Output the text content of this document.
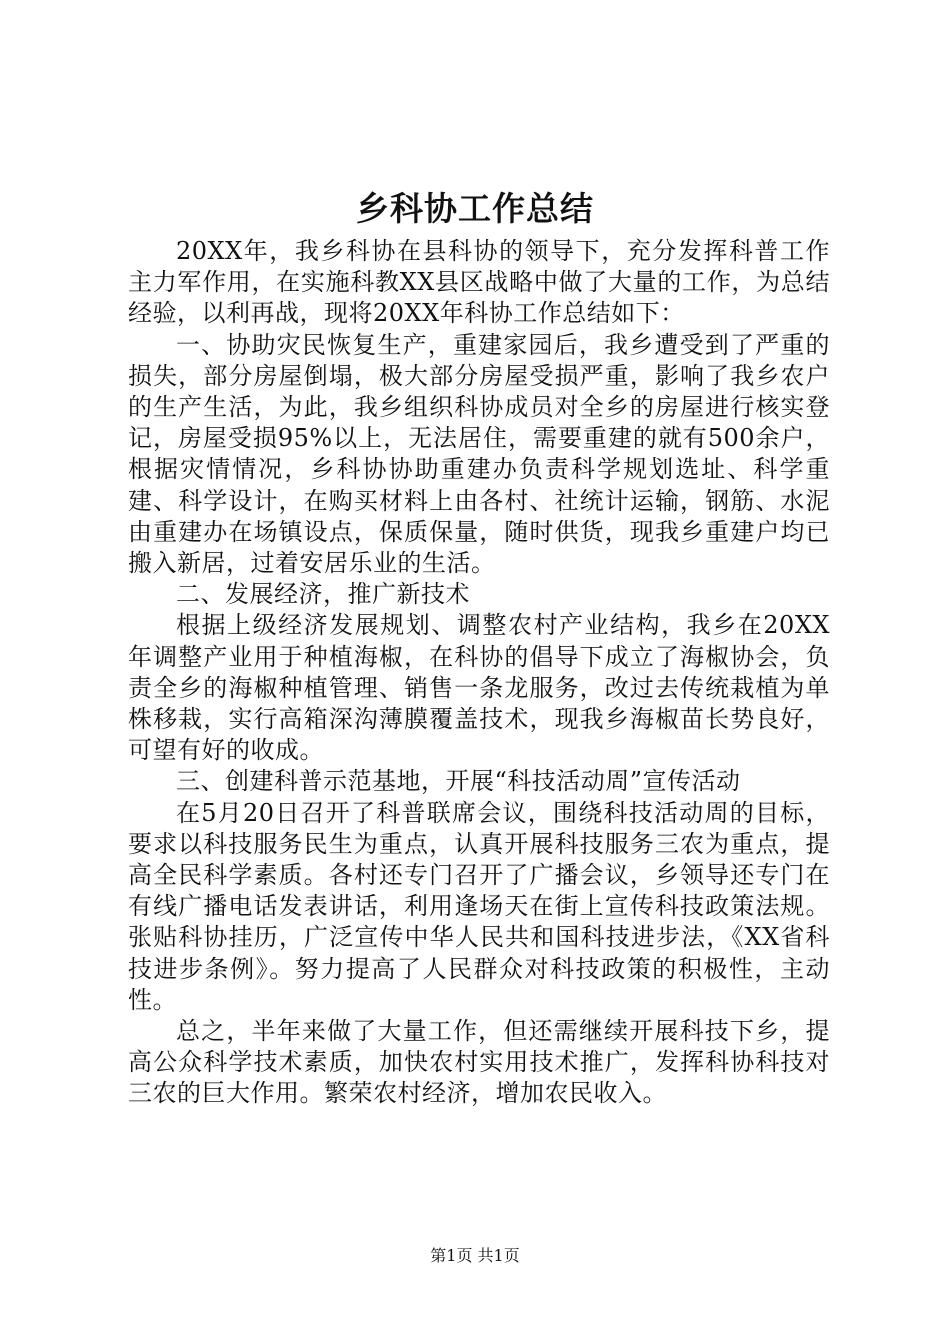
乡科协工作总结

20XX年，我乡科协在县科协的领导下，充分发挥科普工作主力军作用，在实施科教XX县区战略中做了大量的工作，为总结经验，以利再战，现将20XX年科协工作总结如下：

一、协助灾民恢复生产，重建家园后，我乡遭受到了严重的损失，部分房屋倒塌，极大部分房屋受损严重，影响了我乡农户的生产生活，为此，我乡组织科协成员对全乡的房屋进行核实登记，房屋受损95%以上，无法居住，需要重建的就有500余户，根据灾情情况，乡科协协助重建办负责科学规划选址、科学重建、科学设计，在购买材料上由各村、社统计运输，钢筋、水泥由重建办在场镇设点，保质保量，随时供货，现我乡重建户均已搬入新居，过着安居乐业的生活。

二、发展经济，推广新技术

根据上级经济发展规划、调整农村产业结构，我乡在20XX年调整产业用于种植海椒，在科协的倡导下成立了海椒协会，负责全乡的海椒种植管理、销售一条龙服务，改过去传统栽植为单株移栽，实行高箱深沟薄膜覆盖技术，现我乡海椒苗长势良好，可望有好的收成。

三、创建科普示范基地，开展“科技活动周”宣传活动

在5月20日召开了科普联席会议，围绕科技活动周的目标，要求以科技服务民生为重点，认真开展科技服务三农为重点，提高全民科学素质。各村还专门召开了广播会议，乡领导还专门在有线广播电话发表讲话，利用逢场天在街上宣传科技政策法规。张贴科协挂历，广泛宣传中华人民共和国科技进步法，《XX省科技进步条例》。努力提高了人民群众对科技政策的积极性，主动性。

总之，半年来做了大量工作，但还需继续开展科技下乡，提高公众科学技术素质，加快农村实用技术推广，发挥科协科技对三农的巨大作用。繁荣农村经济，增加农民收入。

第1页 共1页
